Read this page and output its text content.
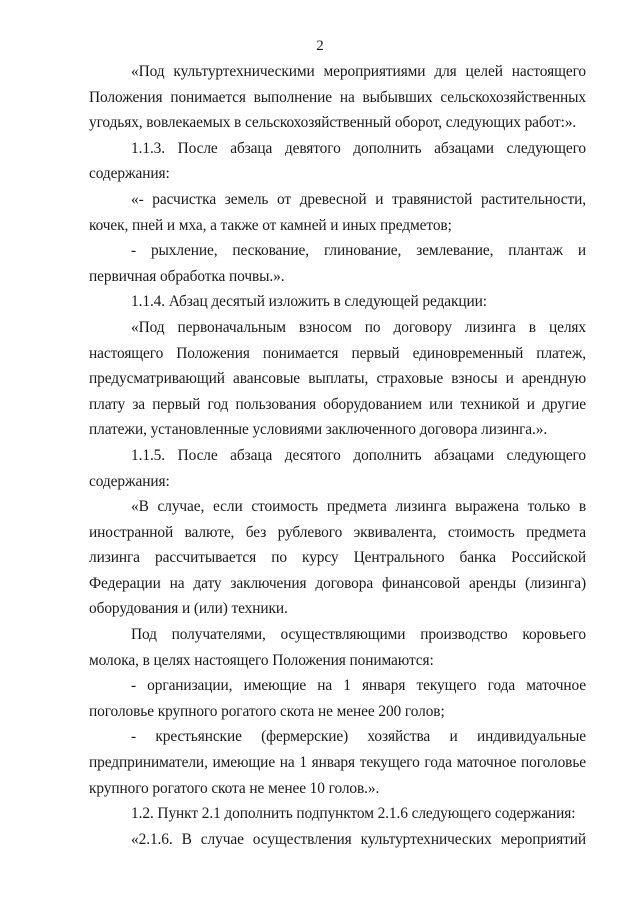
2

«Под культуртехническими мероприятиями для целей настоящего Положения понимается выполнение на выбывших сельскохозяйственных угодьях, вовлекаемых в сельскохозяйственный оборот, следующих работ:».

1.1.3. После абзаца девятого дополнить абзацами следующего содержания:

«- расчистка земель от древесной и травянистой растительности, кочек, пней и мха, а также от камней и иных предметов;

- рыхление, пескование, глинование, землевание, плантаж и первичная обработка почвы.».

1.1.4. Абзац десятый изложить в следующей редакции:

«Под первоначальным взносом по договору лизинга в целях настоящего Положения понимается первый единовременный платеж, предусматривающий авансовые выплаты, страховые взносы и арендную плату за первый год пользования оборудованием или техникой и другие платежи, установленные условиями заключенного договора лизинга.».

1.1.5. После абзаца десятого дополнить абзацами следующего содержания:

«В случае, если стоимость предмета лизинга выражена только в иностранной валюте, без рублевого эквивалента, стоимость предмета лизинга рассчитывается по курсу Центрального банка Российской Федерации на дату заключения договора финансовой аренды (лизинга) оборудования и (или) техники.

Под получателями, осуществляющими производство коровьего молока, в целях настоящего Положения понимаются:

- организации, имеющие на 1 января текущего года маточное поголовье крупного рогатого скота не менее 200 голов;

- крестьянские (фермерские) хозяйства и индивидуальные предприниматели, имеющие на 1 января текущего года маточное поголовье крупного рогатого скота не менее 10 голов.».

1.2. Пункт 2.1 дополнить подпунктом 2.1.6 следующего содержания:

«2.1.6. В случае осуществления культуртехнических мероприятий
